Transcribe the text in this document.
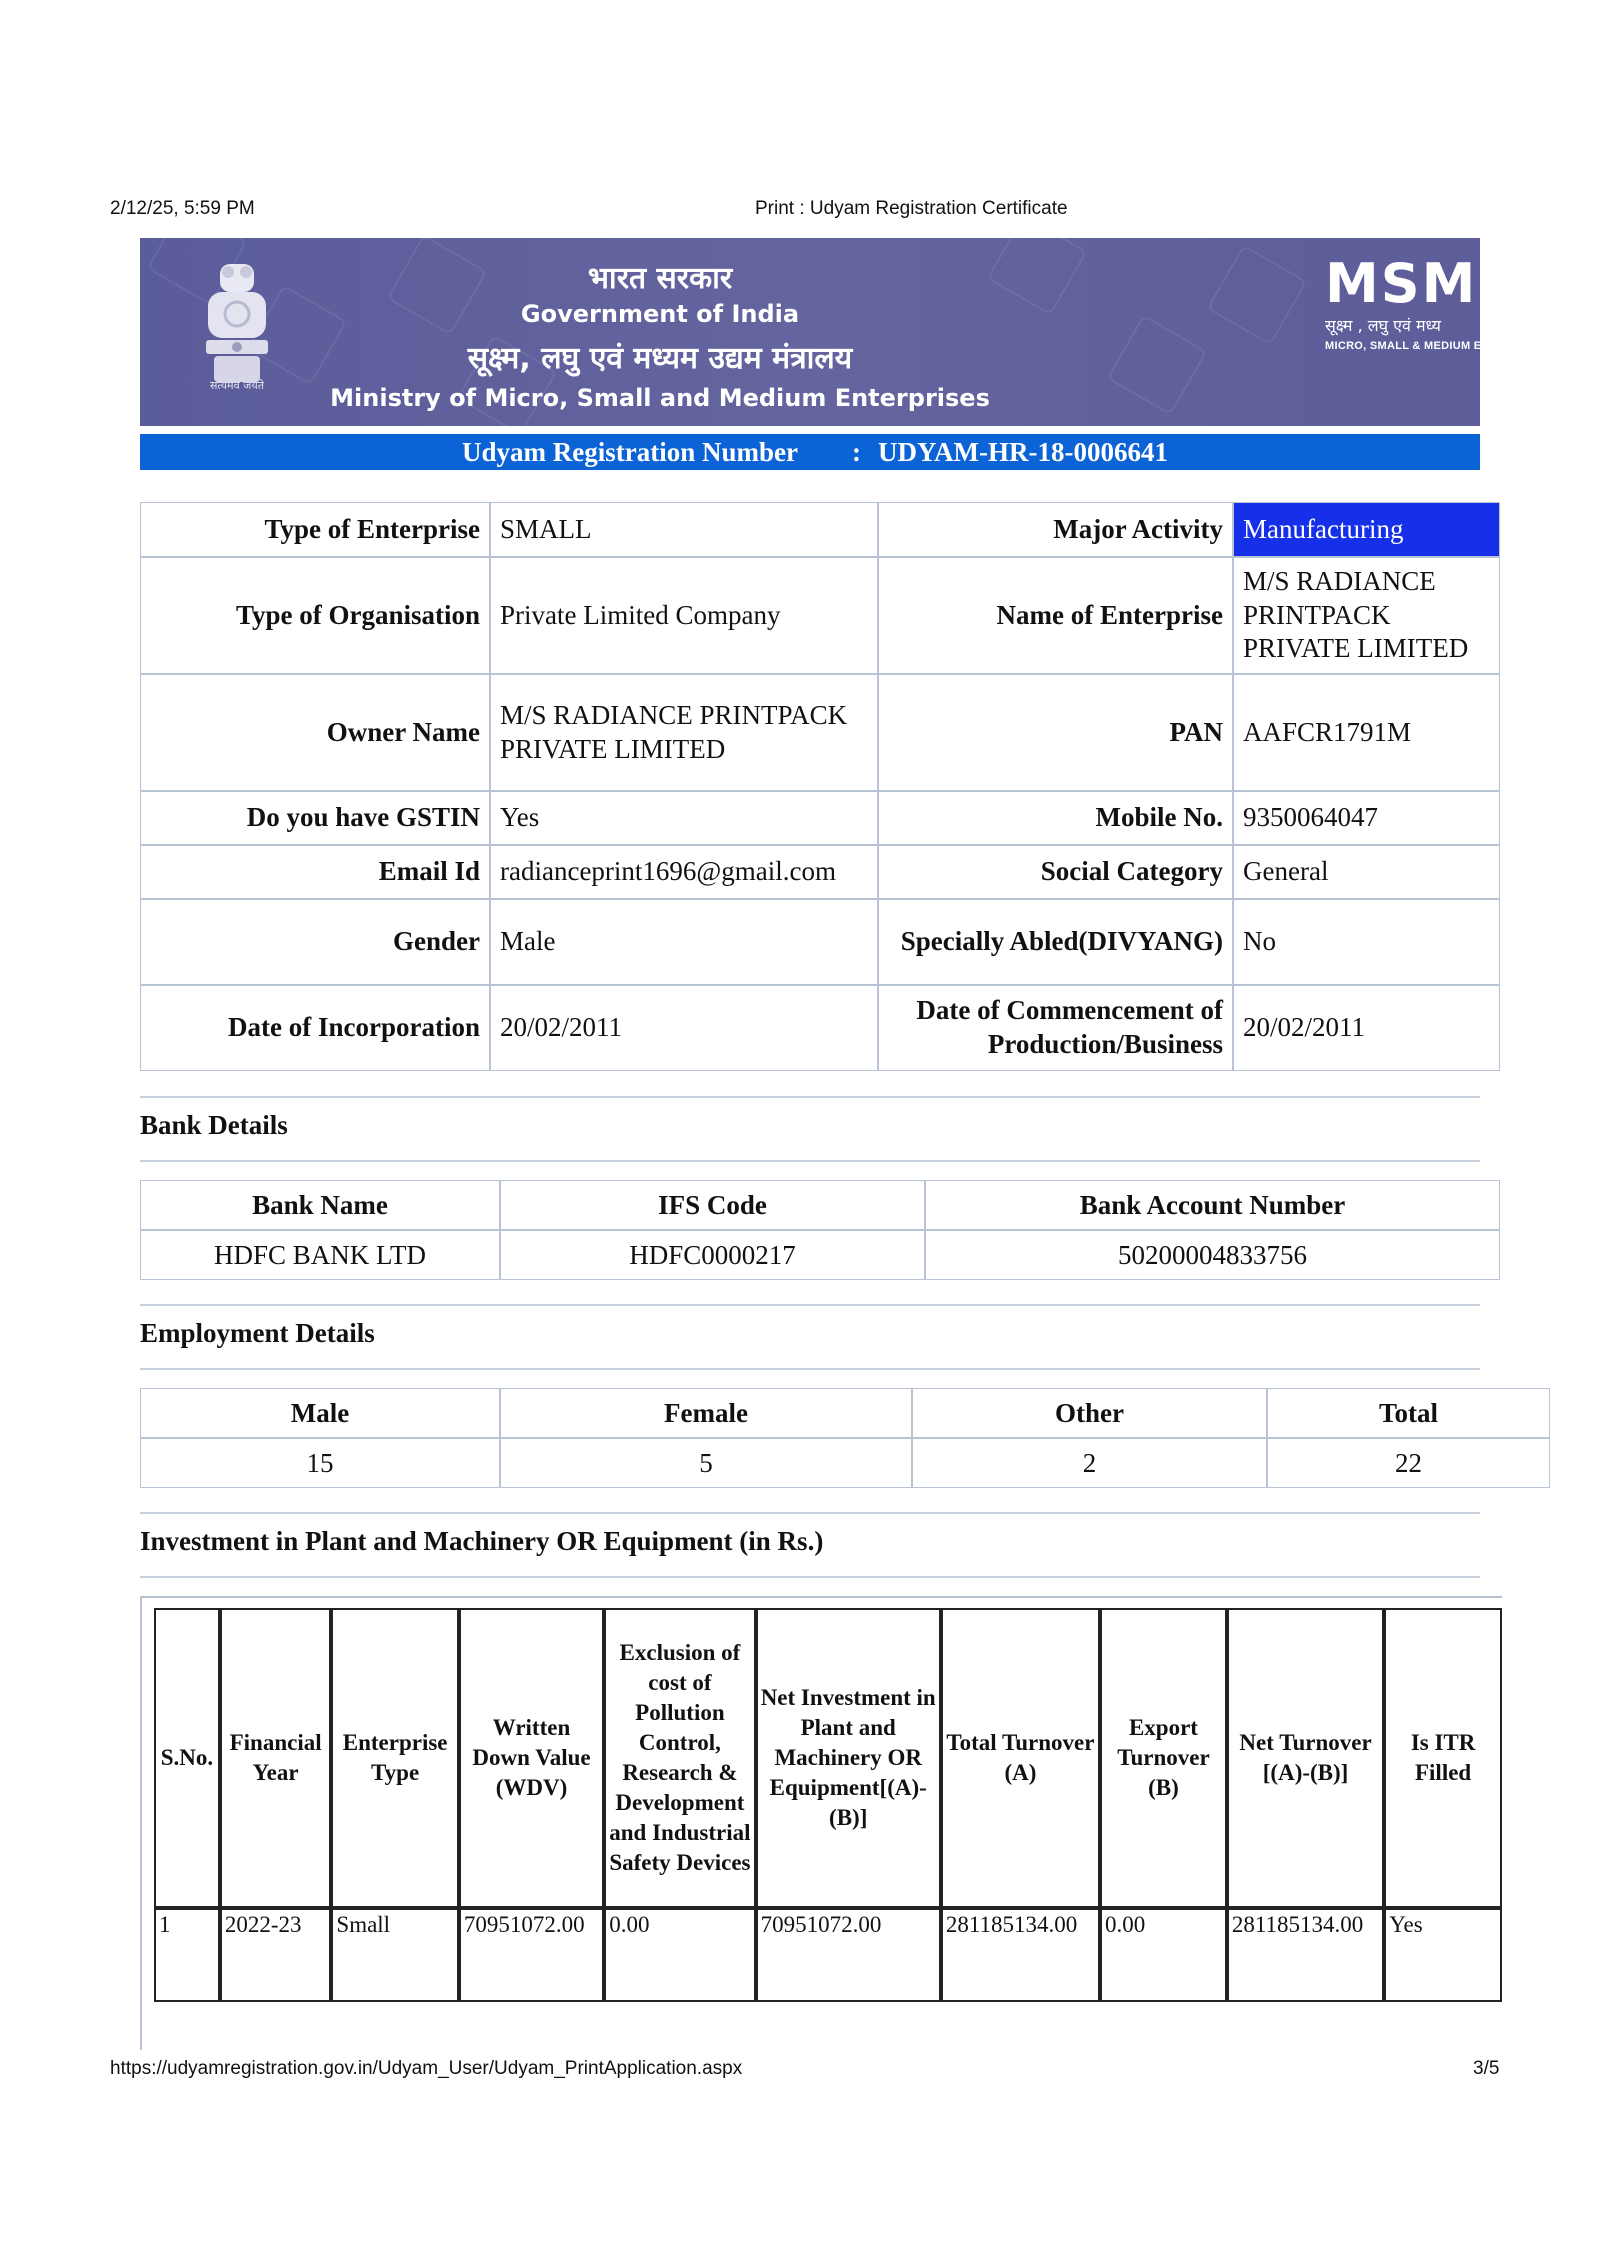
2/12/25, 5:59 PM	Print : Udyam Registration Certificate
सत्यमेव जयते
भारत सरकार
Government of India
सूक्ष्म, लघु एवं मध्यम उद्यम मंत्रालय
Ministry of Micro, Small and Medium Enterprises
MSME
सूक्ष्म , लघु एवं मध्य
MICRO, SMALL & MEDIUM EN
Udyam Registration Number : UDYAM-HR-18-0006641
Type of Enterprise	SMALL	Major Activity	Manufacturing
Type of Organisation	Private Limited Company	Name of Enterprise	M/S RADIANCE PRINTPACK PRIVATE LIMITED
Owner Name	M/S RADIANCE PRINTPACK PRIVATE LIMITED	PAN	AAFCR1791M
Do you have GSTIN	Yes	Mobile No.	9350064047
Email Id	radianceprint1696@gmail.com	Social Category	General
Gender	Male	Specially Abled(DIVYANG)	No
Date of Incorporation	20/02/2011	Date of Commencement of Production/Business	20/02/2011
Bank Details
Bank Name	IFS Code	Bank Account Number
HDFC BANK LTD	HDFC0000217	50200004833756
Employment Details
Male	Female	Other	Total
15	5	2	22
Investment in Plant and Machinery OR Equipment (in Rs.)
S.No.	Financial Year	Enterprise Type	Written Down Value (WDV)	Exclusion of cost of Pollution Control, Research & Development and Industrial Safety Devices	Net Investment in Plant and Machinery OR Equipment[(A)-(B)]	Total Turnover (A)	Export Turnover (B)	Net Turnover [(A)-(B)]	Is ITR Filled
1	2022-23	Small	70951072.00	0.00	70951072.00	281185134.00	0.00	281185134.00	Yes
https://udyamregistration.gov.in/Udyam_User/Udyam_PrintApplication.aspx	3/5
